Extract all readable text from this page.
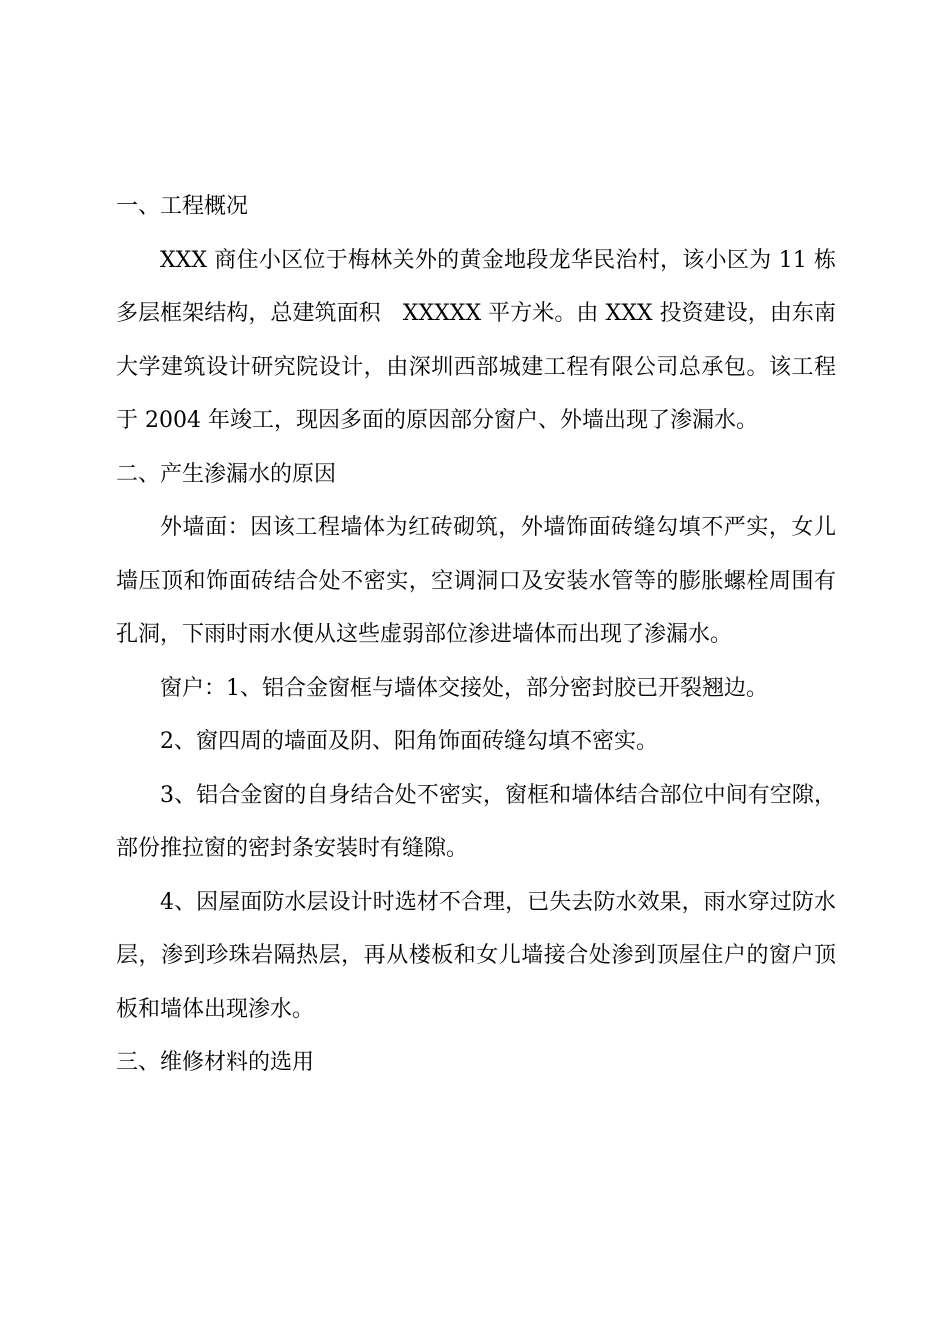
一、工程概况

XXX 商住小区位于梅林关外的黄金地段龙华民治村，该小区为 11 栋多层框架结构，总建筑面积　XXXXX 平方米。由 XXX 投资建设，由东南大学建筑设计研究院设计，由深圳西部城建工程有限公司总承包。该工程于 2004 年竣工，现因多面的原因部分窗户、外墙出现了渗漏水。

二、产生渗漏水的原因

外墙面：因该工程墙体为红砖砌筑，外墙饰面砖缝勾填不严实，女儿墙压顶和饰面砖结合处不密实，空调洞口及安装水管等的膨胀螺栓周围有孔洞，下雨时雨水便从这些虚弱部位渗进墙体而出现了渗漏水。

窗户：1、铝合金窗框与墙体交接处，部分密封胶已开裂翘边。

2、窗四周的墙面及阴、阳角饰面砖缝勾填不密实。

3、铝合金窗的自身结合处不密实，窗框和墙体结合部位中间有空隙，部份推拉窗的密封条安装时有缝隙。

4、因屋面防水层设计时选材不合理，已失去防水效果，雨水穿过防水层，渗到珍珠岩隔热层，再从楼板和女儿墙接合处渗到顶屋住户的窗户顶板和墙体出现渗水。

三、维修材料的选用
